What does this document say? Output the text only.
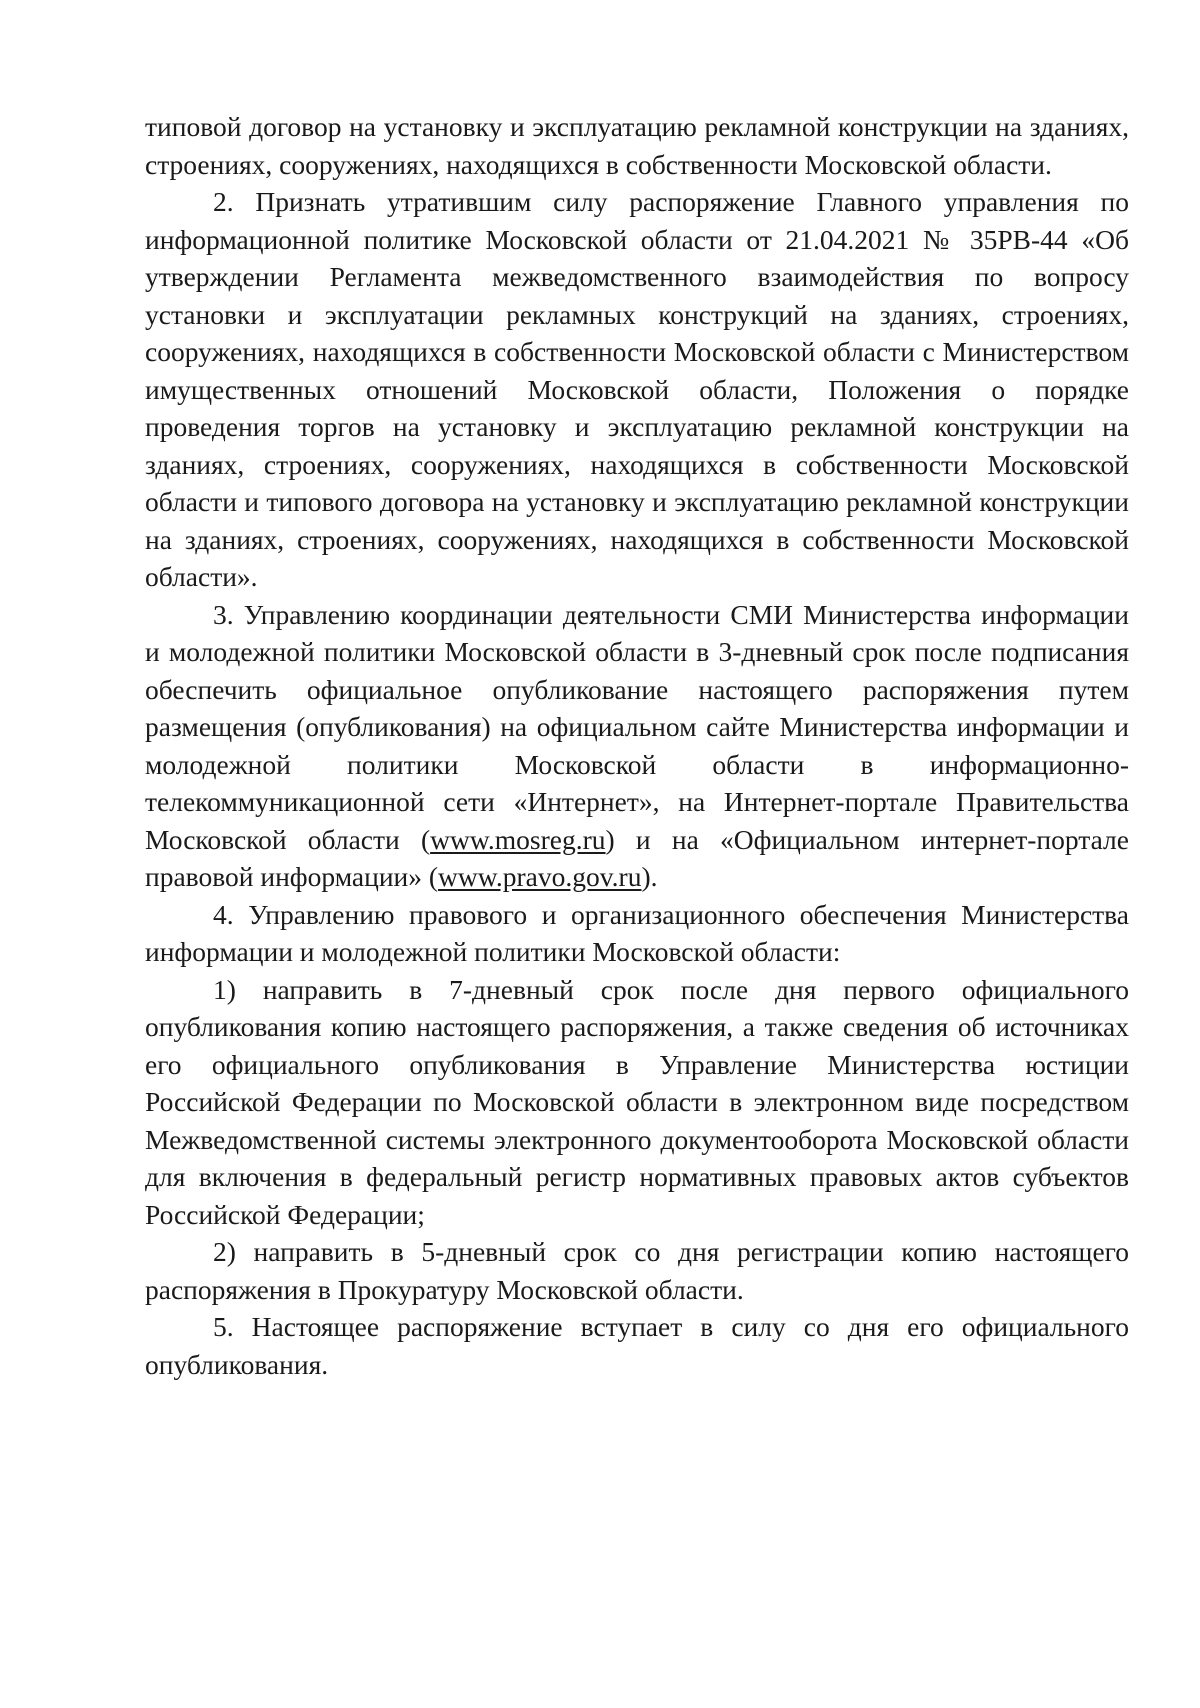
типовой договор на установку и эксплуатацию рекламной конструкции на зданиях, строениях, сооружениях, находящихся в собственности Московской области.

2. Признать утратившим силу распоряжение Главного управления по информационной политике Московской области от 21.04.2021 № 35РВ-44 «Об утверждении Регламента межведомственного взаимодействия по вопросу установки и эксплуатации рекламных конструкций на зданиях, строениях, сооружениях, находящихся в собственности Московской области с Министерством имущественных отношений Московской области, Положения о порядке проведения торгов на установку и эксплуатацию рекламной конструкции на зданиях, строениях, сооружениях, находящихся в собственности Московской области и типового договора на установку и эксплуатацию рекламной конструкции на зданиях, строениях, сооружениях, находящихся в собственности Московской области».

3. Управлению координации деятельности СМИ Министерства информации и молодежной политики Московской области в 3-дневный срок после подписания обеспечить официальное опубликование настоящего распоряжения путем размещения (опубликования) на официальном сайте Министерства информации и молодежной политики Московской области в информационно-телекоммуникационной сети «Интернет», на Интернет-портале Правительства Московской области (www.mosreg.ru) и на «Официальном интернет-портале правовой информации» (www.pravo.gov.ru).

4. Управлению правового и организационного обеспечения Министерства информации и молодежной политики Московской области:

1) направить в 7-дневный срок после дня первого официального опубликования копию настоящего распоряжения, а также сведения об источниках его официального опубликования в Управление Министерства юстиции Российской Федерации по Московской области в электронном виде посредством Межведомственной системы электронного документооборота Московской области для включения в федеральный регистр нормативных правовых актов субъектов Российской Федерации;

2) направить в 5-дневный срок со дня регистрации копию настоящего распоряжения в Прокуратуру Московской области.

5. Настоящее распоряжение вступает в силу со дня его официального опубликования.
